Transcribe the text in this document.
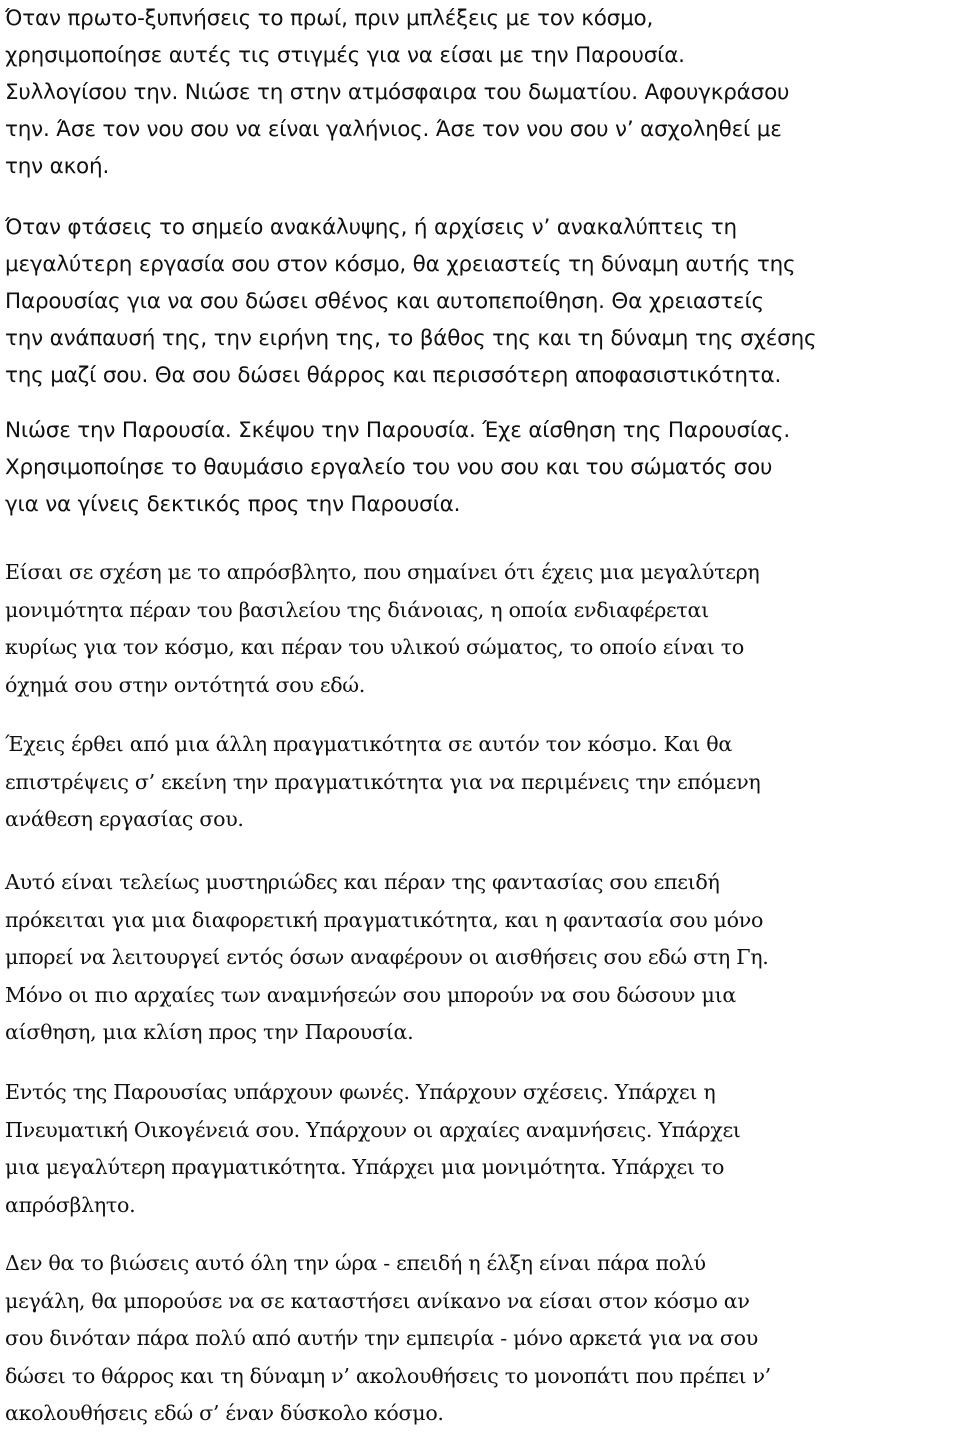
Όταν πρωτο-ξυπνήσεις το πρωί, πριν μπλέξεις με τον κόσμο,
χρησιμοποίησε αυτές τις στιγμές για να είσαι με την Παρουσία.
Συλλογίσου την. Νιώσε τη στην ατμόσφαιρα του δωματίου. Αφουγκράσου
την. Άσε τον νου σου να είναι γαλήνιος. Άσε τον νου σου ν’ ασχοληθεί με
την ακοή.

Όταν φτάσεις το σημείο ανακάλυψης, ή αρχίσεις ν’ ανακαλύπτεις τη
μεγαλύτερη εργασία σου στον κόσμο, θα χρειαστείς τη δύναμη αυτής της
Παρουσίας για να σου δώσει σθένος και αυτοπεποίθηση. Θα χρειαστείς
την ανάπαυσή της, την ειρήνη της, το βάθος της και τη δύναμη της σχέσης
της μαζί σου. Θα σου δώσει θάρρος και περισσότερη αποφασιστικότητα.

Νιώσε την Παρουσία. Σκέψου την Παρουσία. Έχε αίσθηση της Παρουσίας.
Χρησιμοποίησε το θαυμάσιο εργαλείο του νου σου και του σώματός σου
για να γίνεις δεκτικός προς την Παρουσία.

Είσαι σε σχέση με το απρόσβλητο, που σημαίνει ότι έχεις μια μεγαλύτερη
μονιμότητα πέραν του βασιλείου της διάνοιας, η οποία ενδιαφέρεται
κυρίως για τον κόσμο, και πέραν του υλικού σώματος, το οποίο είναι το
όχημά σου στην οντότητά σου εδώ.

Έχεις έρθει από μια άλλη πραγματικότητα σε αυτόν τον κόσμο. Και θα
επιστρέψεις σ’ εκείνη την πραγματικότητα για να περιμένεις την επόμενη
ανάθεση εργασίας σου.

Αυτό είναι τελείως μυστηριώδες και πέραν της φαντασίας σου επειδή
πρόκειται για μια διαφορετική πραγματικότητα, και η φαντασία σου μόνο
μπορεί να λειτουργεί εντός όσων αναφέρουν οι αισθήσεις σου εδώ στη Γη.
Μόνο οι πιο αρχαίες των αναμνήσεών σου μπορούν να σου δώσουν μια
αίσθηση, μια κλίση προς την Παρουσία.

Εντός της Παρουσίας υπάρχουν φωνές. Υπάρχουν σχέσεις. Υπάρχει η
Πνευματική Οικογένειά σου. Υπάρχουν οι αρχαίες αναμνήσεις. Υπάρχει
μια μεγαλύτερη πραγματικότητα. Υπάρχει μια μονιμότητα. Υπάρχει το
απρόσβλητο.

Δεν θα το βιώσεις αυτό όλη την ώρα - επειδή η έλξη είναι πάρα πολύ
μεγάλη, θα μπορούσε να σε καταστήσει ανίκανο να είσαι στον κόσμο αν
σου δινόταν πάρα πολύ από αυτήν την εμπειρία - μόνο αρκετά για να σου
δώσει το θάρρος και τη δύναμη ν’ ακολουθήσεις το μονοπάτι που πρέπει ν’
ακολουθήσεις εδώ σ’ έναν δύσκολο κόσμο.
